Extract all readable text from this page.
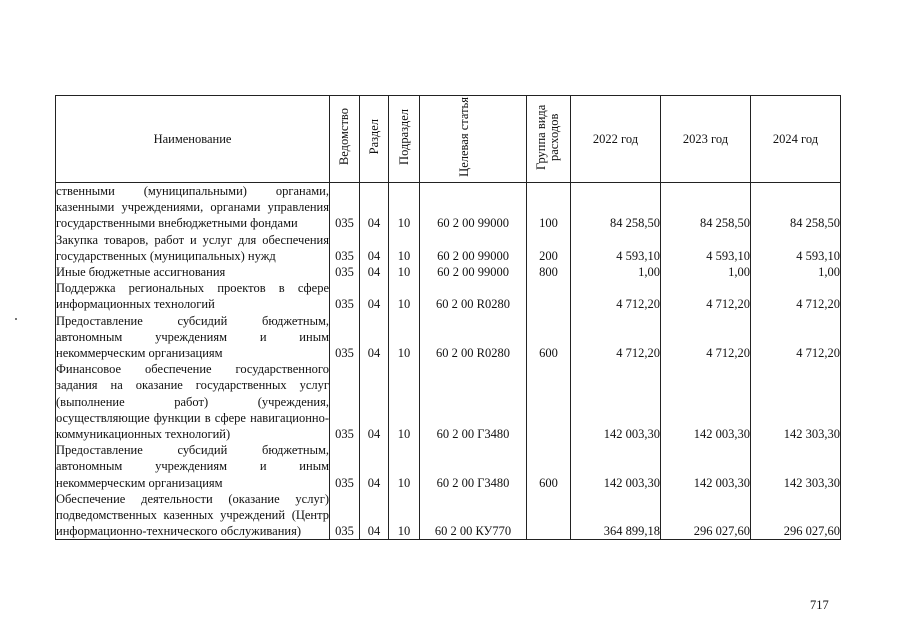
Наименование	Ведомство	Раздел	Подраздел	Целевая статья	Группа вида расходов	2022 год	2023 год	2024 год
ственными (муниципальными) органами, казенными учреждениями, органами управления государственными внебюджетными фондами	035	04	10	60 2 00 99000	100	84 258,50	84 258,50	84 258,50
Закупка товаров, работ и услуг для обеспечения государственных (муниципальных) нужд	035	04	10	60 2 00 99000	200	4 593,10	4 593,10	4 593,10
Иные бюджетные ассигнования	035	04	10	60 2 00 99000	800	1,00	1,00	1,00
Поддержка региональных проектов в сфере информационных технологий	035	04	10	60 2 00 R0280		4 712,20	4 712,20	4 712,20
Предоставление субсидий бюджетным, автономным учреждениям и иным некоммерческим организациям	035	04	10	60 2 00 R0280	600	4 712,20	4 712,20	4 712,20
Финансовое обеспечение государственного задания на оказание государственных услуг (выполнение работ) (учреждения, осуществляющие функции в сфере навигационно-коммуникационных технологий)	035	04	10	60 2 00 Г3480		142 003,30	142 003,30	142 303,30
Предоставление субсидий бюджетным, автономным учреждениям и иным некоммерческим организациям	035	04	10	60 2 00 Г3480	600	142 003,30	142 003,30	142 303,30
Обеспечение деятельности (оказание услуг) подведомственных казенных учреждений (Центр информационно-технического обслуживания)	035	04	10	60 2 00 КУ770		364 899,18	296 027,60	296 027,60
717
